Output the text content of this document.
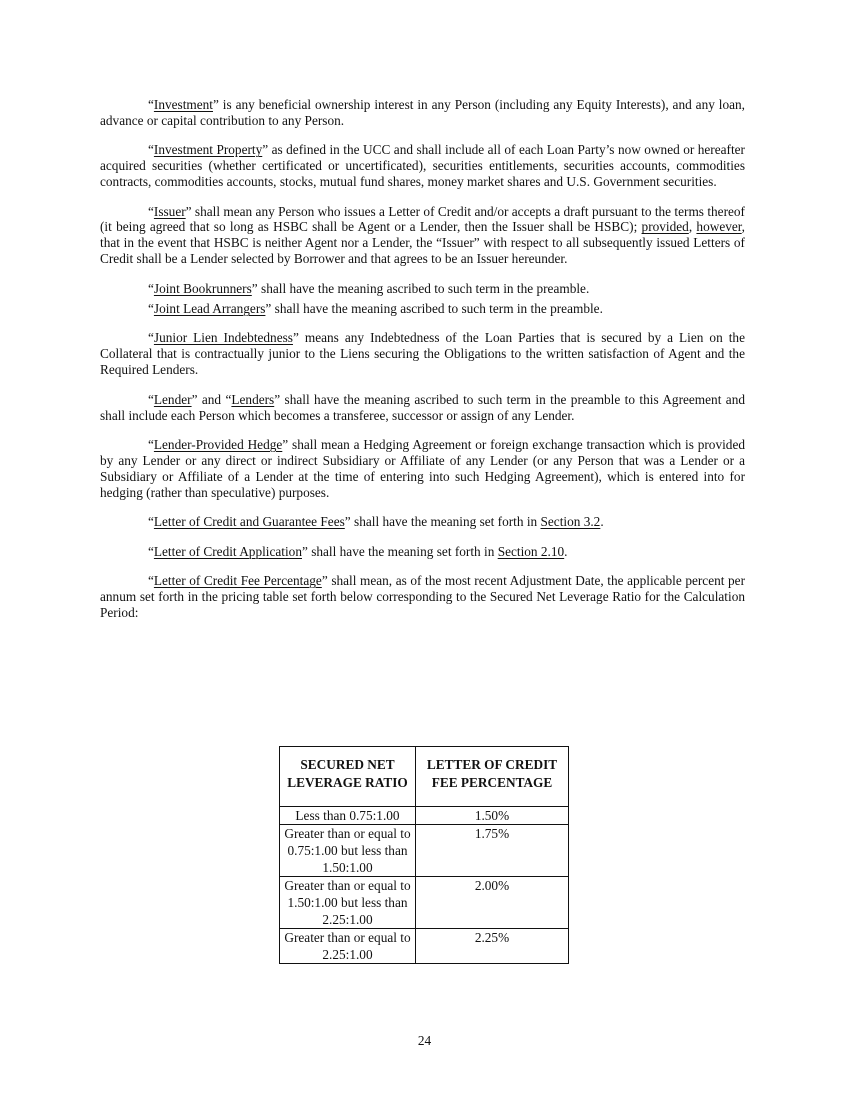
“Investment” is any beneficial ownership interest in any Person (including any Equity Interests), and any loan, advance or capital contribution to any Person.

“Investment Property” as defined in the UCC and shall include all of each Loan Party’s now owned or hereafter acquired securities (whether certificated or uncertificated), securities entitlements, securities accounts, commodities contracts, commodities accounts, stocks, mutual fund shares, money market shares and U.S. Government securities.

“Issuer” shall mean any Person who issues a Letter of Credit and/or accepts a draft pursuant to the terms thereof (it being agreed that so long as HSBC shall be Agent or a Lender, then the Issuer shall be HSBC); provided, however, that in the event that HSBC is neither Agent nor a Lender, the “Issuer” with respect to all subsequently issued Letters of Credit shall be a Lender selected by Borrower and that agrees to be an Issuer hereunder.

“Joint Bookrunners” shall have the meaning ascribed to such term in the preamble.

“Joint Lead Arrangers” shall have the meaning ascribed to such term in the preamble.

“Junior Lien Indebtedness” means any Indebtedness of the Loan Parties that is secured by a Lien on the Collateral that is contractually junior to the Liens securing the Obligations to the written satisfaction of Agent and the Required Lenders.

“Lender” and “Lenders” shall have the meaning ascribed to such term in the preamble to this Agreement and shall include each Person which becomes a transferee, successor or assign of any Lender.

“Lender-Provided Hedge” shall mean a Hedging Agreement or foreign exchange transaction which is provided by any Lender or any direct or indirect Subsidiary or Affiliate of any Lender (or any Person that was a Lender or a Subsidiary or Affiliate of a Lender at the time of entering into such Hedging Agreement), which is entered into for hedging (rather than speculative) purposes.

“Letter of Credit and Guarantee Fees” shall have the meaning set forth in Section 3.2.

“Letter of Credit Application” shall have the meaning set forth in Section 2.10.

“Letter of Credit Fee Percentage” shall mean, as of the most recent Adjustment Date, the applicable percent per annum set forth in the pricing table set forth below corresponding to the Secured Net Leverage Ratio for the Calculation Period:

SECURED NET LEVERAGE RATIO	LETTER OF CREDIT FEE PERCENTAGE
Less than 0.75:1.00	1.50%
Greater than or equal to 0.75:1.00 but less than 1.50:1.00	1.75%
Greater than or equal to 1.50:1.00 but less than 2.25:1.00	2.00%
Greater than or equal to 2.25:1.00	2.25%
24
